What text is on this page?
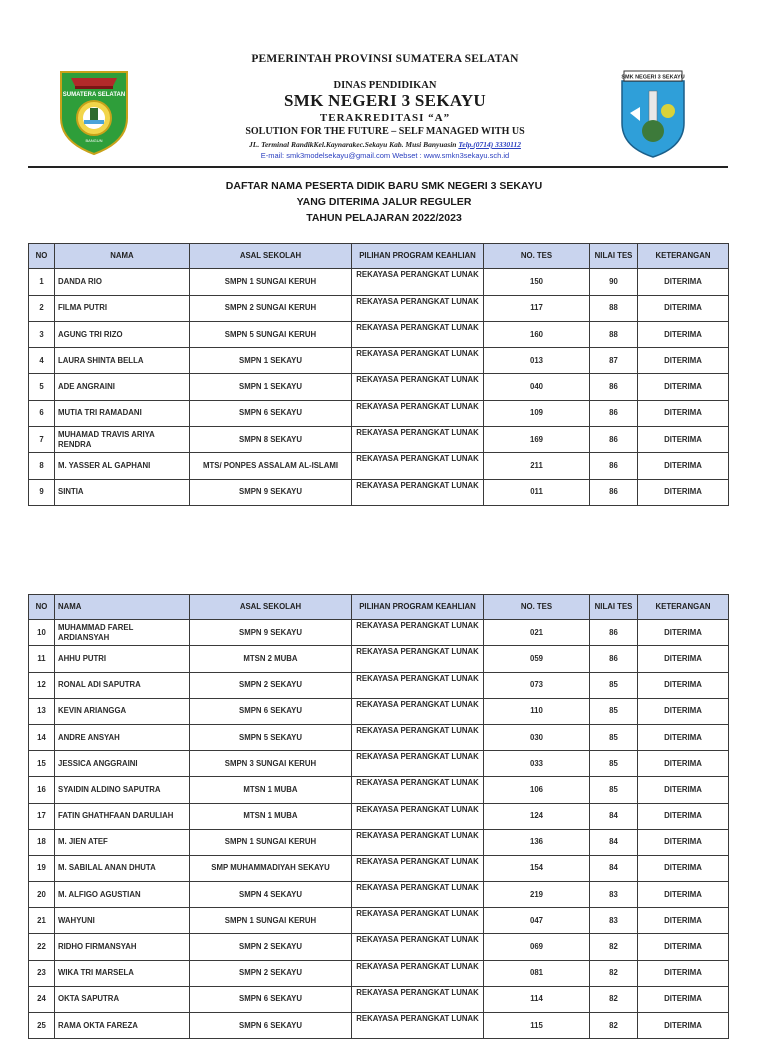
SUMATERA SELATAN
BANGUN
PEMERINTAH PROVINSI SUMATERA SELATAN
DINAS PENDIDIKAN
SMK NEGERI 3 SEKAYU
TERAKREDITASI “A”
SOLUTION FOR THE FUTURE – SELF MANAGED WITH US
JL. Terminal RandikKel.Kaynarakec.Sekayu Kab. Musi Banyuasin Telp.(0714) 3330112
E-mail: smk3modelsekayu@gmail.com Webset : www.smkn3sekayu.sch.id
SMK NEGERI 3 SEKAYU
DAFTAR NAMA PESERTA DIDIK BARU SMK NEGERI 3 SEKAYU
YANG DITERIMA JALUR REGULER
TAHUN PELAJARAN 2022/2023
NO	NAMA	ASAL SEKOLAH	PILIHAN PROGRAM KEAHLIAN	NO. TES	NILAI TES	KETERANGAN
1	DANDA RIO	SMPN 1 SUNGAI KERUH	REKAYASA PERANGKAT LUNAK	150	90	DITERIMA
2	FILMA PUTRI	SMPN 2 SUNGAI KERUH	REKAYASA PERANGKAT LUNAK	117	88	DITERIMA
3	AGUNG TRI RIZO	SMPN 5 SUNGAI KERUH	REKAYASA PERANGKAT LUNAK	160	88	DITERIMA
4	LAURA SHINTA BELLA	SMPN 1 SEKAYU	REKAYASA PERANGKAT LUNAK	013	87	DITERIMA
5	ADE ANGRAINI	SMPN 1 SEKAYU	REKAYASA PERANGKAT LUNAK	040	86	DITERIMA
6	MUTIA TRI RAMADANI	SMPN 6 SEKAYU	REKAYASA PERANGKAT LUNAK	109	86	DITERIMA
7	MUHAMAD TRAVIS ARIYA RENDRA	SMPN 8 SEKAYU	REKAYASA PERANGKAT LUNAK	169	86	DITERIMA
8	M. YASSER AL GAPHANI	MTS/ PONPES ASSALAM AL-ISLAMI	REKAYASA PERANGKAT LUNAK	211	86	DITERIMA
9	SINTIA	SMPN 9 SEKAYU	REKAYASA PERANGKAT LUNAK	011	86	DITERIMA
NO	NAMA	ASAL SEKOLAH	PILIHAN PROGRAM KEAHLIAN	NO. TES	NILAI TES	KETERANGAN
10	MUHAMMAD FAREL ARDIANSYAH	SMPN 9 SEKAYU	REKAYASA PERANGKAT LUNAK	021	86	DITERIMA
11	AHHU PUTRI	MTSN 2 MUBA	REKAYASA PERANGKAT LUNAK	059	86	DITERIMA
12	RONAL ADI SAPUTRA	SMPN 2 SEKAYU	REKAYASA PERANGKAT LUNAK	073	85	DITERIMA
13	KEVIN ARIANGGA	SMPN 6 SEKAYU	REKAYASA PERANGKAT LUNAK	110	85	DITERIMA
14	ANDRE ANSYAH	SMPN 5 SEKAYU	REKAYASA PERANGKAT LUNAK	030	85	DITERIMA
15	JESSICA ANGGRAINI	SMPN 3 SUNGAI KERUH	REKAYASA PERANGKAT LUNAK	033	85	DITERIMA
16	SYAIDIN ALDINO SAPUTRA	MTSN 1 MUBA	REKAYASA PERANGKAT LUNAK	106	85	DITERIMA
17	FATIN GHATHFAAN DARULIAH	MTSN 1 MUBA	REKAYASA PERANGKAT LUNAK	124	84	DITERIMA
18	M. JIEN ATEF	SMPN 1 SUNGAI KERUH	REKAYASA PERANGKAT LUNAK	136	84	DITERIMA
19	M. SABILAL ANAN DHUTA	SMP MUHAMMADIYAH SEKAYU	REKAYASA PERANGKAT LUNAK	154	84	DITERIMA
20	M. ALFIGO AGUSTIAN	SMPN 4 SEKAYU	REKAYASA PERANGKAT LUNAK	219	83	DITERIMA
21	WAHYUNI	SMPN 1 SUNGAI KERUH	REKAYASA PERANGKAT LUNAK	047	83	DITERIMA
22	RIDHO FIRMANSYAH	SMPN 2 SEKAYU	REKAYASA PERANGKAT LUNAK	069	82	DITERIMA
23	WIKA TRI MARSELA	SMPN 2 SEKAYU	REKAYASA PERANGKAT LUNAK	081	82	DITERIMA
24	OKTA SAPUTRA	SMPN 6 SEKAYU	REKAYASA PERANGKAT LUNAK	114	82	DITERIMA
25	RAMA OKTA FAREZA	SMPN 6 SEKAYU	REKAYASA PERANGKAT LUNAK	115	82	DITERIMA
